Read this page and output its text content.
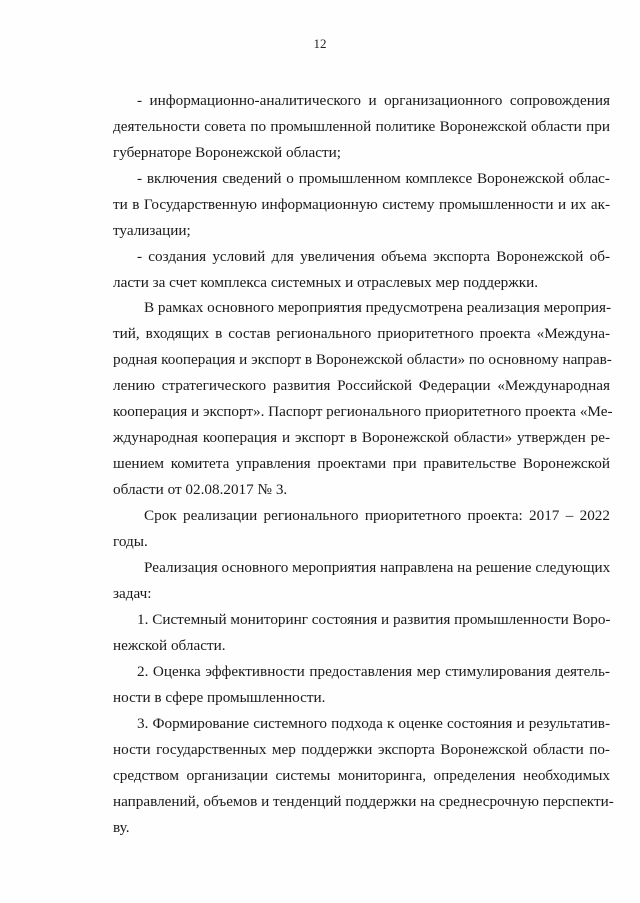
12
- информационно-аналитического и организационного сопровождения
деятельности совета по промышленной политике Воронежской области при
губернаторе Воронежской области;
- включения сведений о промышленном комплексе Воронежской облас-
ти в Государственную информационную систему промышленности и их ак-
туализации;
- создания условий для увеличения объема экспорта Воронежской об-
ласти за счет комплекса системных и отраслевых мер поддержки.
В рамках основного мероприятия предусмотрена реализация мероприя-
тий, входящих в состав регионального приоритетного проекта «Междуна-
родная кооперация и экспорт в Воронежской области» по основному направ-
лению стратегического развития Российской Федерации «Международная
кооперация и экспорт». Паспорт регионального приоритетного проекта «Ме-
ждународная кооперация и экспорт в Воронежской области» утвержден ре-
шением комитета управления проектами при правительстве Воронежской
области от 02.08.2017 № 3.
Срок реализации регионального приоритетного проекта: 2017 – 2022
годы.
Реализация основного мероприятия направлена на решение следующих
задач:
1. Системный мониторинг состояния и развития промышленности Воро-
нежской области.
2. Оценка эффективности предоставления мер стимулирования деятель-
ности в сфере промышленности.
3. Формирование системного подхода к оценке состояния и результатив-
ности государственных мер поддержки экспорта Воронежской области по-
средством организации системы мониторинга, определения необходимых
направлений, объемов и тенденций поддержки на среднесрочную перспекти-
ву.
